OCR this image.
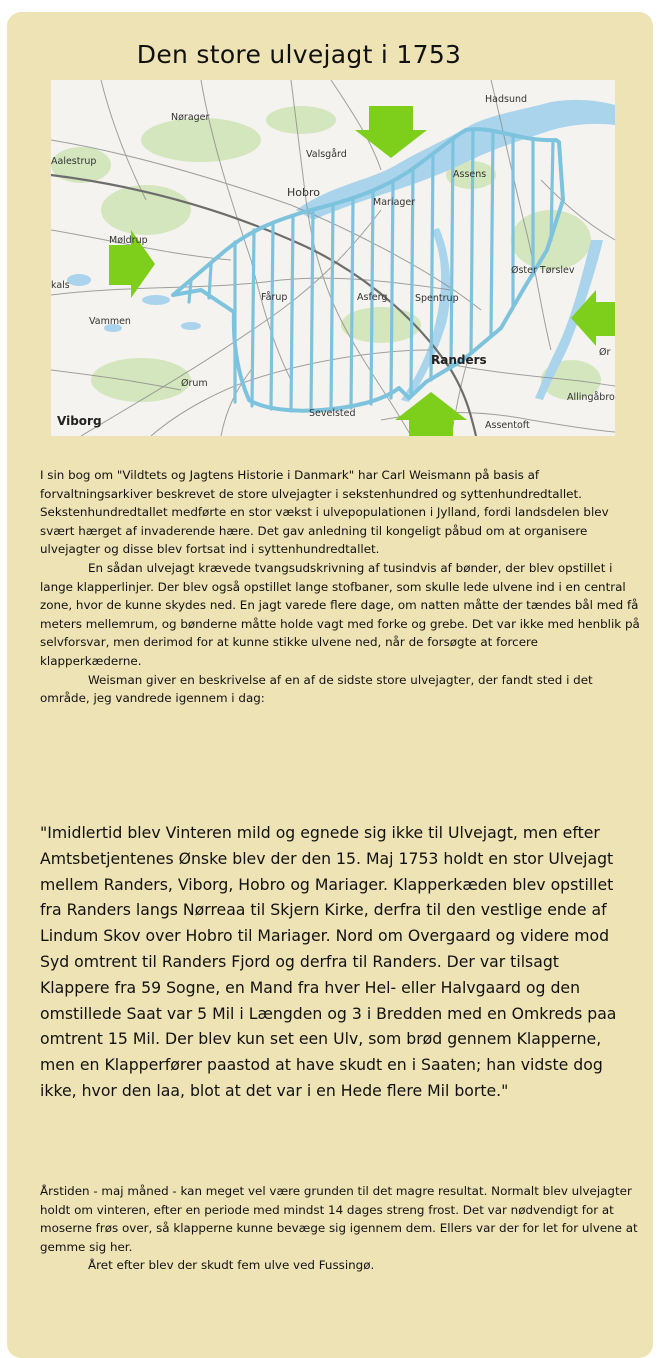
Den store ulvejagt i 1753
Hadsund
Nørager
Valsgård
Aalestrup
Hobro
Assens
Mariager
Møldrup
Øster Tørslev
kals
Fårup	Asferg	Spentrup
Vammen
Randers
Ør
Ørum
Allingåbro
Viborg
Sevelsted
Assentoft

I sin bog om "Vildtets og Jagtens Historie i Danmark" har Carl Weismann på basis af forvaltningsarkiver beskrevet de store ulvejagter i sekstenhundred og syttenhundredtallet. Sekstenhundredtallet medførte en stor vækst i ulvepopulationen i Jylland, fordi landsdelen blev svært hærget af invaderende hære. Det gav anledning til kongeligt påbud om at organisere ulvejagter og disse blev fortsat ind i syttenhundredtallet.

En sådan ulvejagt krævede tvangsudskrivning af tusindvis af bønder, der blev opstillet i lange klapperlinjer. Der blev også opstillet lange stofbaner, som skulle lede ulvene ind i en central zone, hvor de kunne skydes ned. En jagt varede flere dage, om natten måtte der tændes bål med få meters mellemrum, og bønderne måtte holde vagt med forke og grebe. Det var ikke med henblik på selvforsvar, men derimod for at kunne stikke ulvene ned, når de forsøgte at forcere klapperkæderne.

Weisman giver en beskrivelse af en af de sidste store ulvejagter, der fandt sted i det område, jeg vandrede igennem i dag:

"Imidlertid blev Vinteren mild og egnede sig ikke til Ulvejagt, men efter Amtsbetjentenes Ønske blev der den 15. Maj 1753 holdt en stor Ulvejagt mellem Randers, Viborg, Hobro og Mariager. Klapperkæden blev opstillet fra Randers langs Nørreaa til Skjern Kirke, derfra til den vestlige ende af Lindum Skov over Hobro til Mariager. Nord om Overgaard og videre mod Syd omtrent til Randers Fjord og derfra til Randers. Der var tilsagt Klappere fra 59 Sogne, en Mand fra hver Hel- eller Halvgaard og den omstillede Saat var 5 Mil i Længden og 3 i Bredden med en Omkreds paa omtrent 15 Mil. Der blev kun set een Ulv, som brød gennem Klapperne, men en Klapperfører paastod at have skudt en i Saaten; han vidste dog ikke, hvor den laa, blot at det var i en Hede flere Mil borte."

Årstiden - maj måned - kan meget vel være grunden til det magre resultat. Normalt blev ulvejagter holdt om vinteren, efter en periode med mindst 14 dages streng frost. Det var nødvendigt for at moserne frøs over, så klapperne kunne bevæge sig igennem dem. Ellers var der for let for ulvene at gemme sig her.

Året efter blev der skudt fem ulve ved Fussingø.
